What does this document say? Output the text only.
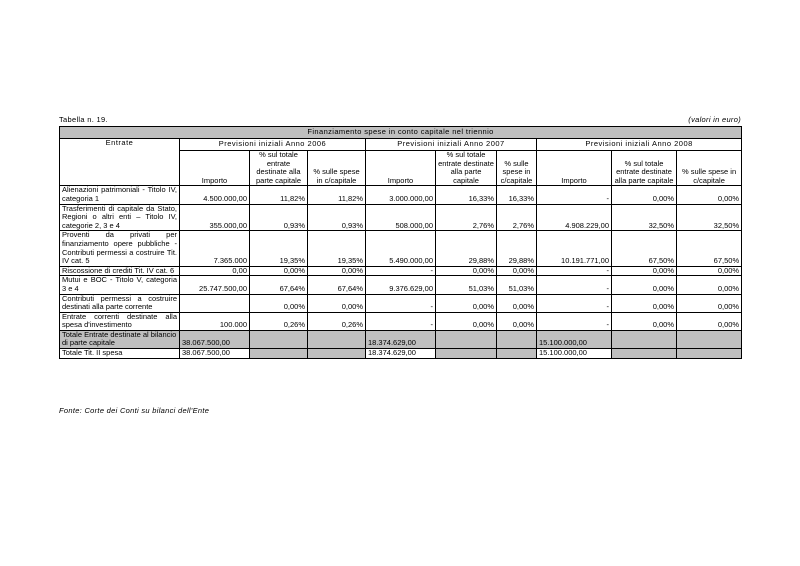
Tabella n. 19.	(valori in euro)
Finanziamento spese in conto capitale nel triennio									
Entrate	Previsioni iniziali Anno 2006			Previsioni iniziali Anno 2007			Previsioni iniziali Anno 2008		
	Importo	% sul totale entrate destinate alla parte capitale	% sulle spese in c/capitale	Importo	% sul totale entrate destinate alla parte capitale	% sulle spese in c/capitale	Importo	% sul totale entrate destinate alla parte capitale	% sulle spese in c/capitale
Alienazioni patrimoniali - Titolo IV, categoria 1	4.500.000,00	11,82%	11,82%	3.000.000,00	16,33%	16,33%	-	0,00%	0,00%
Trasferimenti di capitale da Stato, Regioni o altri enti – Titolo IV, categorie 2, 3 e 4	355.000,00	0,93%	0,93%	508.000,00	2,76%	2,76%	4.908.229,00	32,50%	32,50%
Proventi da privati per finanziamento opere pubbliche - Contributi permessi a costruire Tit. IV cat. 5	7.365.000	19,35%	19,35%	5.490.000,00	29,88%	29,88%	10.191.771,00	67,50%	67,50%
Riscossione di crediti Tit. IV cat. 6	0,00	0,00%	0,00%	-	0,00%	0,00%	-	0,00%	0,00%
Mutui e BOC - Titolo V, categoria 3 e 4	25.747.500,00	67,64%	67,64%	9.376.629,00	51,03%	51,03%	-	0,00%	0,00%
Contributi permessi a costruire destinati alla parte corrente		0,00%	0,00%	-	0,00%	0,00%	-	0,00%	0,00%
Entrate correnti destinate alla spesa d'investimento	100.000	0,26%	0,26%	-	0,00%	0,00%	-	0,00%	0,00%
Totale Entrate destinate al bilancio di parte capitale	38.067.500,00			18.374.629,00			15.100.000,00		
Totale Tit. II spesa	38.067.500,00			18.374.629,00			15.100.000,00		
Fonte: Corte dei Conti su bilanci dell'Ente
